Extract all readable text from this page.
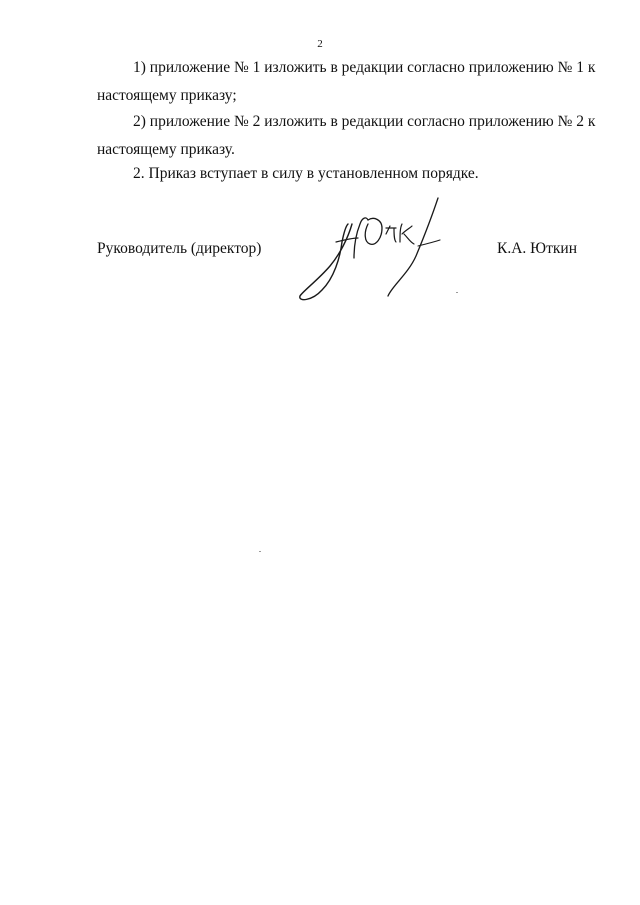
2
1) приложение № 1 изложить в редакции согласно приложению № 1 к
настоящему приказу;
2) приложение № 2 изложить в редакции согласно приложению № 2 к
настоящему приказу.
2. Приказ вступает в силу в установленном порядке.
Руководитель (директор)	К.А. Юткин
